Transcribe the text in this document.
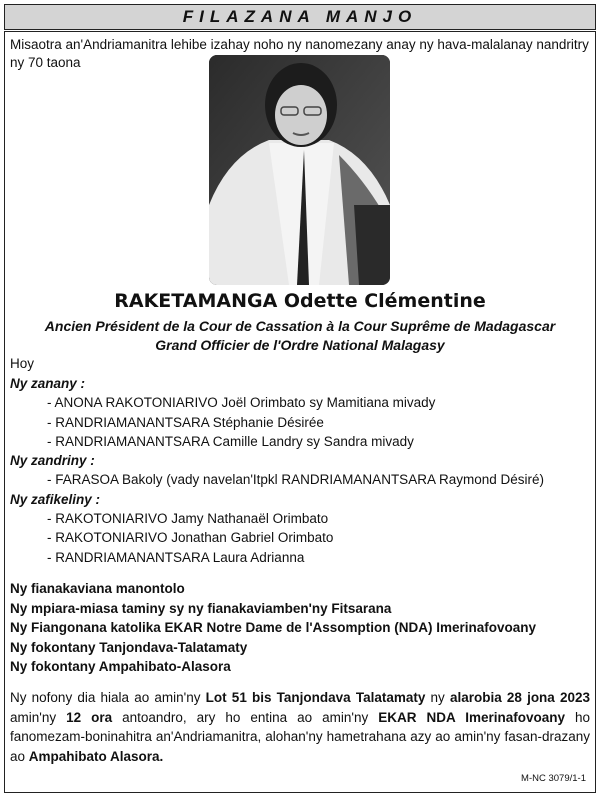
FILAZANA MANJO
Misaotra an'Andriamanitra lehibe izahay noho ny nanomezany anay ny hava-malalanay nandritry ny 70 taona
RAKETAMANGA Odette Clémentine
Ancien Président de la Cour de Cassation à la Cour Suprême de Madagascar
Grand Officier de l'Ordre National Malagasy
Hoy
Ny zanany :
- ANONA RAKOTONIARIVO Joël Orimbato sy Mamitiana mivady
- RANDRIAMANANTSARA Stéphanie Désirée
- RANDRIAMANANTSARA Camille Landry sy Sandra mivady
Ny zandriny :
- FARASOA Bakoly (vady navelan'Itpkl RANDRIAMANANTSARA Raymond Désiré)
Ny zafikeliny :
- RAKOTONIARIVO Jamy Nathanaël Orimbato
- RAKOTONIARIVO Jonathan Gabriel Orimbato
- RANDRIAMANANTSARA Laura Adrianna
Ny fianakaviana manontolo
Ny mpiara-miasa taminy sy ny fianakaviamben'ny Fitsarana
Ny Fiangonana katolika EKAR Notre Dame de l'Assomption (NDA) Imerinafovoany
Ny fokontany Tanjondava-Talatamaty
Ny fokontany Ampahibato-Alasora
Ny nofony dia hiala ao amin'ny Lot 51 bis Tanjondava Talatamaty ny alarobia 28 jona 2023 amin'ny 12 ora antoandro, ary ho entina ao amin'ny EKAR NDA Imerinafovoany ho fanomezam-boninahitra an'Andriamanitra, alohan'ny hametrahana azy ao amin'ny fasan-drazany ao Ampahibato Alasora.
M-NC 3079/1-1
